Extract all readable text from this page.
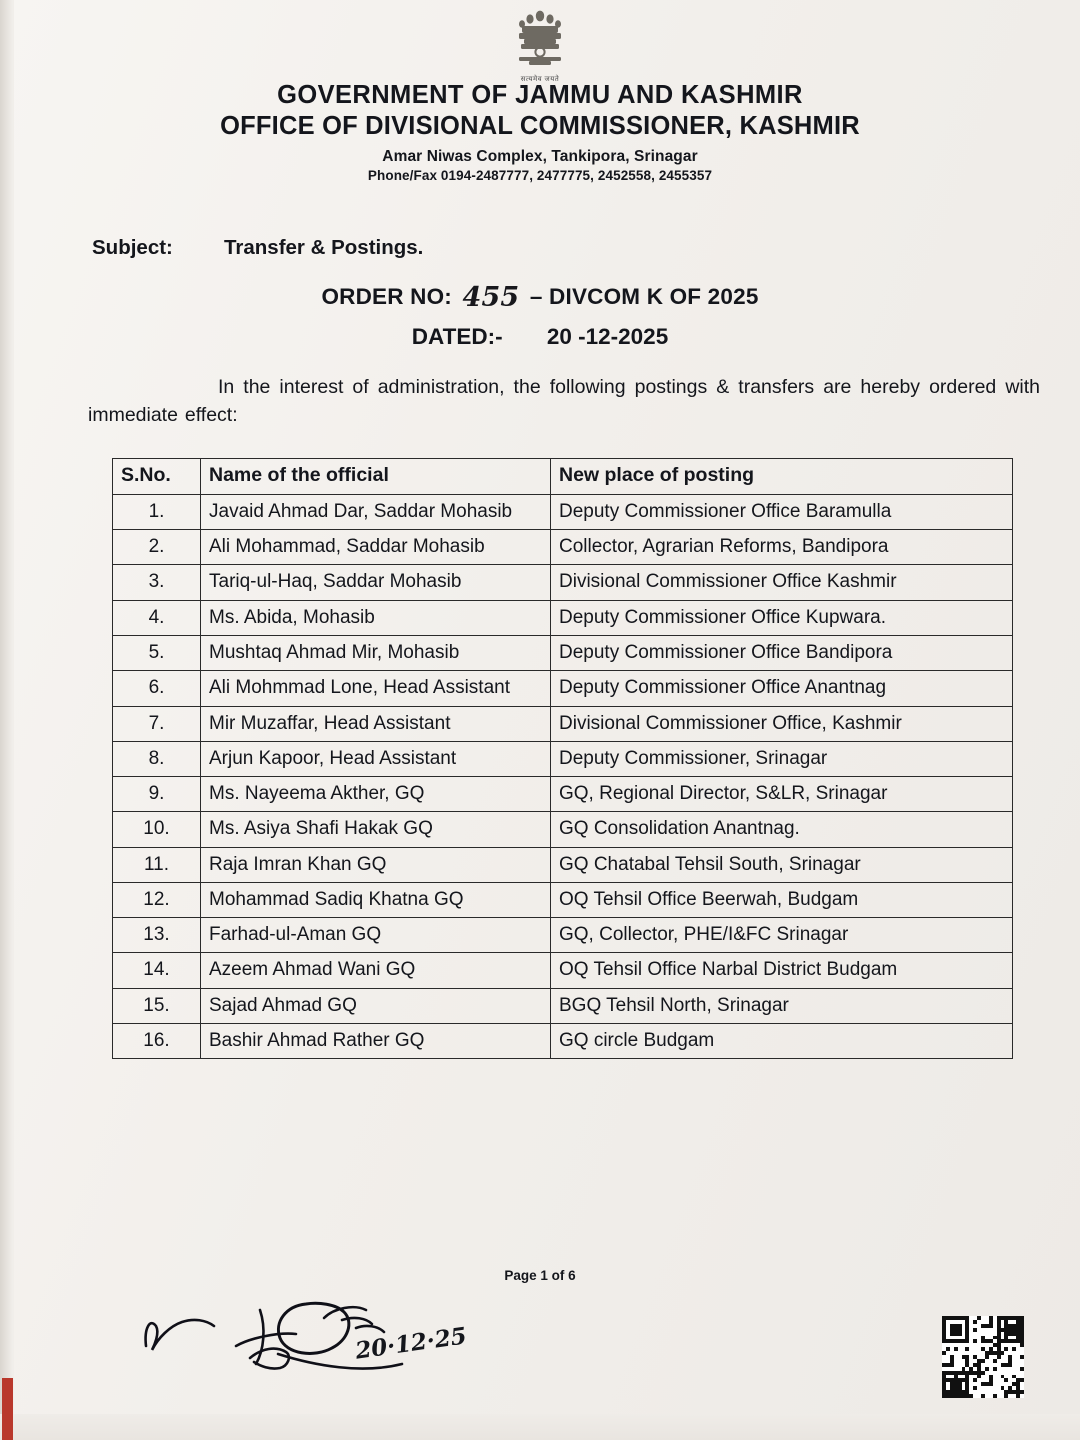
सत्यमेव जयते
GOVERNMENT OF JAMMU AND KASHMIR
OFFICE OF DIVISIONAL COMMISSIONER, KASHMIR
Amar Niwas Complex, Tankipora, Srinagar
Phone/Fax 0194-2487777, 2477775, 2452558, 2455357
Subject:	Transfer & Postings.
ORDER NO: 455 – DIVCOM K OF 2025
DATED:- 20 -12-2025
In the interest of administration, the following postings & transfers are hereby ordered with immediate effect:
S.No.	Name of the official	New place of posting
1.	Javaid Ahmad Dar, Saddar Mohasib	Deputy Commissioner Office Baramulla
2.	Ali Mohammad, Saddar Mohasib	Collector, Agrarian Reforms, Bandipora
3.	Tariq-ul-Haq, Saddar Mohasib	Divisional Commissioner Office Kashmir
4.	Ms. Abida, Mohasib	Deputy Commissioner Office Kupwara.
5.	Mushtaq Ahmad Mir, Mohasib	Deputy Commissioner Office Bandipora
6.	Ali Mohmmad Lone, Head Assistant	Deputy Commissioner Office Anantnag
7.	Mir Muzaffar, Head Assistant	Divisional Commissioner Office, Kashmir
8.	Arjun Kapoor, Head Assistant	Deputy Commissioner, Srinagar
9.	Ms. Nayeema Akther, GQ	GQ, Regional Director, S&LR, Srinagar
10.	Ms. Asiya Shafi Hakak GQ	GQ Consolidation Anantnag.
11.	Raja Imran Khan GQ	GQ Chatabal Tehsil South, Srinagar
12.	Mohammad Sadiq Khatna GQ	OQ Tehsil Office Beerwah, Budgam
13.	Farhad-ul-Aman GQ	GQ, Collector, PHE/I&FC Srinagar
14.	Azeem Ahmad Wani GQ	OQ Tehsil Office Narbal District Budgam
15.	Sajad Ahmad GQ	BGQ Tehsil North, Srinagar
16.	Bashir Ahmad Rather GQ	GQ circle Budgam
Page 1 of 6
20·12·25
